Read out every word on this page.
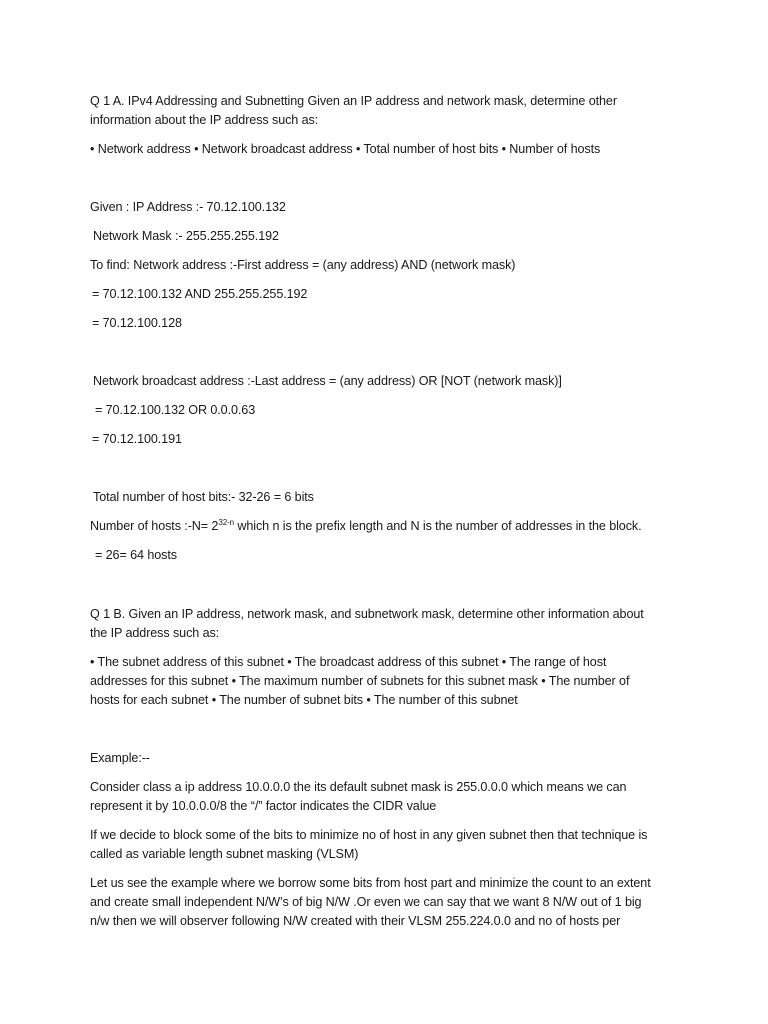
Q 1 A. IPv4 Addressing and Subnetting Given an IP address and network mask, determine other

information about the IP address such as:

• Network address • Network broadcast address • Total number of host bits • Number of hosts

Given : IP Address :- 70.12.100.132

Network Mask :- 255.255.255.192

To find: Network address :-First address = (any address) AND (network mask)

= 70.12.100.132 AND 255.255.255.192

= 70.12.100.128

Network broadcast address :-Last address = (any address) OR [NOT (network mask)]

= 70.12.100.132 OR 0.0.0.63

= 70.12.100.191

Total number of host bits:- 32-26 = 6 bits

Number of hosts :-N= $2^{32-n}$ which n is the prefix length and N is the number of addresses in the block.

= 26= 64 hosts

Q 1 B. Given an IP address, network mask, and subnetwork mask, determine other information about

the IP address such as:

• The subnet address of this subnet • The broadcast address of this subnet • The range of host

addresses for this subnet • The maximum number of subnets for this subnet mask • The number of

hosts for each subnet • The number of subnet bits • The number of this subnet

Example:--

Consider class a ip address 10.0.0.0 the its default subnet mask is 255.0.0.0 which means we can

represent it by 10.0.0.0/8 the “/” factor indicates the CIDR value

If we decide to block some of the bits to minimize no of host in any given subnet then that technique is

called as variable length subnet masking (VLSM)

Let us see the example where we borrow some bits from host part and minimize the count to an extent

and create small independent N/W’s of big N/W .Or even we can say that we want 8 N/W out of 1 big

n/w then we will observer following N/W created with their VLSM 255.224.0.0 and no of hosts per
